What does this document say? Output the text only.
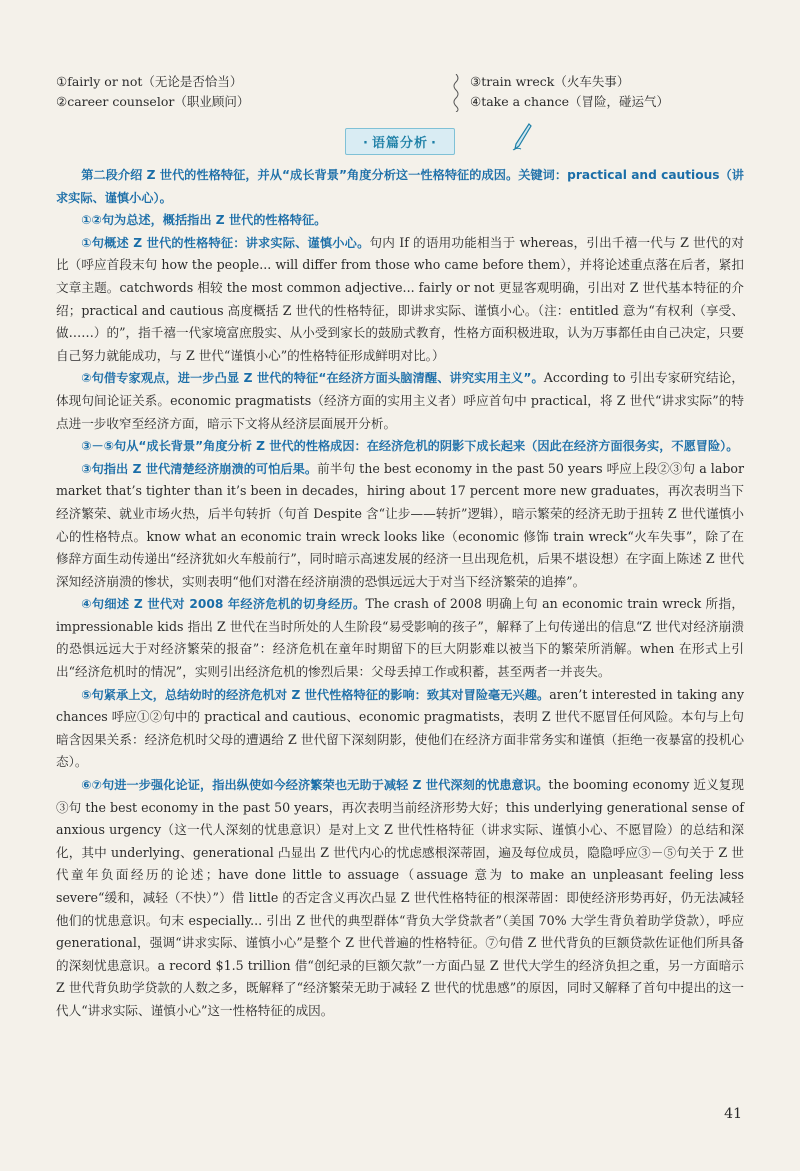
①fairly or not（无论是否恰当）
②career counselor（职业顾问）
③train wreck（火车失事）
④take a chance（冒险，碰运气）
· 语篇分析 ·

第二段介绍 Z 世代的性格特征，并从“成长背景”角度分析这一性格特征的成因。关键词：practical and cautious（讲求实际、谨慎小心）。

①②句为总述，概括指出 Z 世代的性格特征。

①句概述 Z 世代的性格特征：讲求实际、谨慎小心。句内 If 的语用功能相当于 whereas，引出千禧一代与 Z 世代的对比（呼应首段末句 how the people... will differ from those who came before them），并将论述重点落在后者，紧扣文章主题。catchwords 相较 the most common adjective... fairly or not 更显客观明确，引出对 Z 世代基本特征的介绍；practical and cautious 高度概括 Z 世代的性格特征，即讲求实际、谨慎小心。（注：entitled 意为“有权利（享受、做……）的”，指千禧一代家境富庶殷实、从小受到家长的鼓励式教育，性格方面积极进取，认为万事都任由自己决定，只要自己努力就能成功，与 Z 世代“谨慎小心”的性格特征形成鲜明对比。）

②句借专家观点，进一步凸显 Z 世代的特征“在经济方面头脑清醒、讲究实用主义”。According to 引出专家研究结论，体现句间论证关系。economic pragmatists（经济方面的实用主义者）呼应首句中 practical，将 Z 世代“讲求实际”的特点进一步收窄至经济方面，暗示下文将从经济层面展开分析。

③－⑤句从“成长背景”角度分析 Z 世代的性格成因：在经济危机的阴影下成长起来（因此在经济方面很务实，不愿冒险）。

③句指出 Z 世代清楚经济崩溃的可怕后果。前半句 the best economy in the past 50 years 呼应上段②③句 a labor market that’s tighter than it’s been in decades，hiring about 17 percent more new graduates，再次表明当下经济繁荣、就业市场火热，后半句转折（句首 Despite 含“让步——转折”逻辑），暗示繁荣的经济无助于扭转 Z 世代谨慎小心的性格特点。know what an economic train wreck looks like（economic 修饰 train wreck“火车失事”，除了在修辞方面生动传递出“经济犹如火车般前行”，同时暗示高速发展的经济一旦出现危机，后果不堪设想）在字面上陈述 Z 世代深知经济崩溃的惨状，实则表明“他们对潜在经济崩溃的恐惧远远大于对当下经济繁荣的追捧”。

④句细述 Z 世代对 2008 年经济危机的切身经历。The crash of 2008 明确上句 an economic train wreck 所指，impressionable kids 指出 Z 世代在当时所处的人生阶段“易受影响的孩子”，解释了上句传递出的信息“Z 世代对经济崩溃的恐惧远远大于对经济繁荣的报奋”：经济危机在童年时期留下的巨大阴影难以被当下的繁荣所消解。when 在形式上引出“经济危机时的情况”，实则引出经济危机的惨烈后果：父母丢掉工作或积蓄，甚至两者一并丧失。

⑤句紧承上文，总结幼时的经济危机对 Z 世代性格特征的影响：致其对冒险毫无兴趣。aren’t interested in taking any chances 呼应①②句中的 practical and cautious、economic pragmatists，表明 Z 世代不愿冒任何风险。本句与上句暗含因果关系：经济危机时父母的遭遇给 Z 世代留下深刻阴影，使他们在经济方面非常务实和谨慎（拒绝一夜暴富的投机心态）。

⑥⑦句进一步强化论证，指出纵使如今经济繁荣也无助于减轻 Z 世代深刻的忧患意识。the booming economy 近义复现③句 the best economy in the past 50 years，再次表明当前经济形势大好；this underlying generational sense of anxious urgency（这一代人深刻的忧患意识）是对上文 Z 世代性格特征（讲求实际、谨慎小心、不愿冒险）的总结和深化，其中 underlying、generational 凸显出 Z 世代内心的忧虑感根深蒂固，遍及每位成员，隐隐呼应③－⑤句关于 Z 世代童年负面经历的论述；have done little to assuage（assuage 意为 to make an unpleasant feeling less severe“缓和，减轻（不快）”）借 little 的否定含义再次凸显 Z 世代性格特征的根深蒂固：即使经济形势再好，仍无法减轻他们的忧患意识。句末 especially... 引出 Z 世代的典型群体“背负大学贷款者”（美国 70% 大学生背负着助学贷款），呼应 generational，强调“讲求实际、谨慎小心”是整个 Z 世代普遍的性格特征。⑦句借 Z 世代背负的巨额贷款佐证他们所具备的深刻忧患意识。a record $1.5 trillion 借“创纪录的巨额欠款”一方面凸显 Z 世代大学生的经济负担之重，另一方面暗示 Z 世代背负助学贷款的人数之多，既解释了“经济繁荣无助于减轻 Z 世代的忧患感”的原因，同时又解释了首句中提出的这一代人“讲求实际、谨慎小心”这一性格特征的成因。

41
